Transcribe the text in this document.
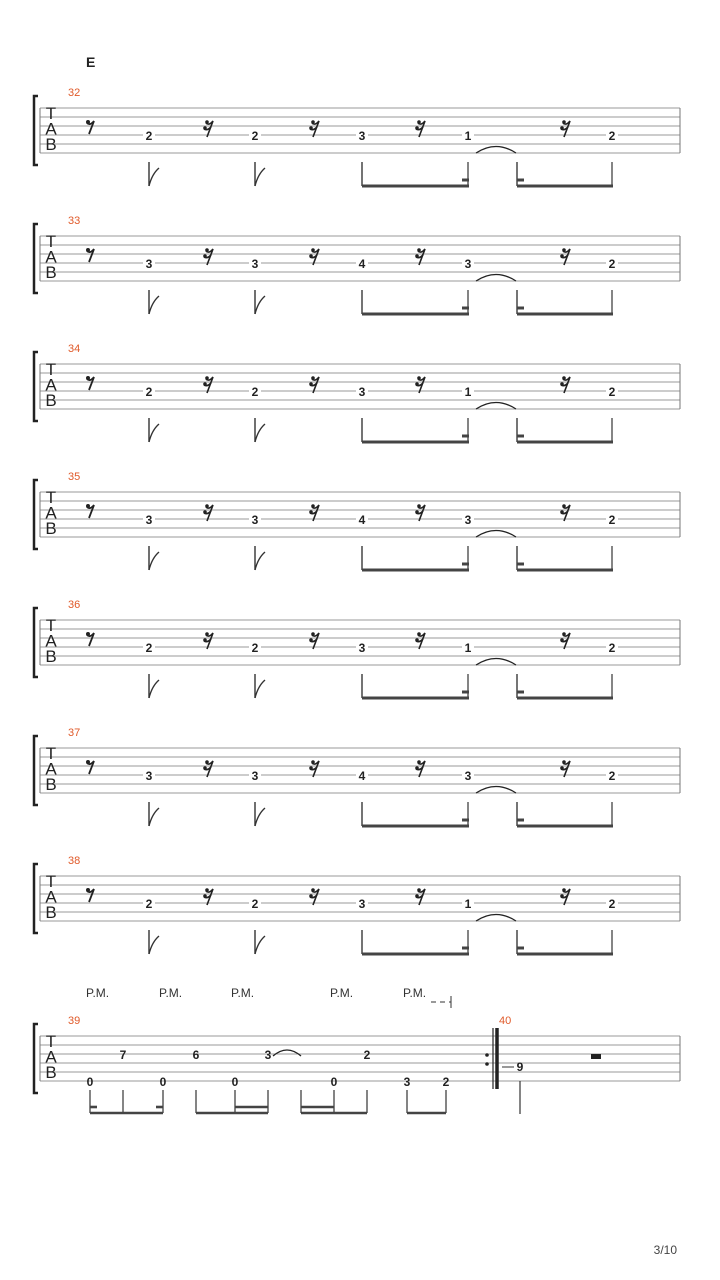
E
T
A
B
32
2	2	3	1	2
T
A
B
33
3	3	4	3	2
T
A
B
34
2	2	3	1	2
T
A
B
35
3	3	4	3	2
T
A
B
36
2	2	3	1	2
T
A
B
37
3	3	4	3	2
T
A
B
38
2	2	3	1	2
T
A
B
39	40
P.M.	P.M.	P.M.	P.M.	P.M.
0
7
0
6
0
3
0
2
3	2
9
3/10
